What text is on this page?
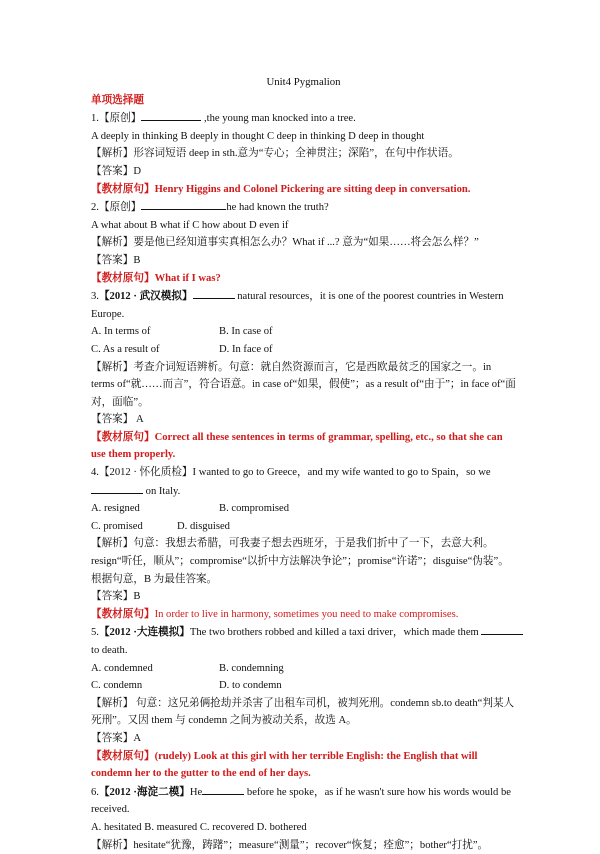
Unit4 Pygmalion
单项选择题
1.【原创】	,the young man knocked into a tree.
A deeply in thinking B deeply in thought C deep in thinking D deep in thought
【解析】形容词短语 deep in sth.意为“专心；全神贯注；深陷”，在句中作状语。
【答案】D
【教材原句】Henry Higgins and Colonel Pickering are sitting deep in conversation.
2.【原创】	he had known the truth?
A what about B what if C how about D even if
【解析】要是他已经知道事实真相怎么办？What if ...? 意为“如果……将会怎么样？”
【答案】B
【教材原句】What if I was?
3.【2012 · 武汉模拟】	natural resources，it is one of the poorest countries in Western
Europe.
A. In terms of	B. In case of
C. As a result of	D. In face of
【解析】考查介词短语辨析。句意：就自然资源而言，它是西欧最贫乏的国家之一。in terms of“就……而言”，符合语意。in case of“如果，假使”；as a result of“由于”；in face of“面对，面临”。
【答案】 A
【教材原句】Correct all these sentences in terms of grammar, spelling, etc., so that she can use them properly.
4.【2012 · 怀化质检】I wanted to go to Greece，and my wife wanted to go to Spain，so we
on Italy.
A. resigned	B. compromised
C. promised	D. disguised
【解析】句意：我想去希腊，可我妻子想去西班牙，于是我们折中了一下，去意大利。resign“听任，顺从”；compromise“以折中方法解决争论”；promise“许诺”；disguise“伪装”。根据句意，B 为最佳答案。
【答案】B
【教材原句】In order to live in harmony, sometimes you need to make compromises.
5.【2012 ·大连模拟】The two brothers robbed and killed a taxi driver，which made them
to death.
A. condemned	B. condemning
C. condemn	D. to condemn
【解析】 句意：这兄弟俩抢劫并杀害了出租车司机，被判死刑。condemn sb.to death“判某人死刑”。又因 them 与 condemn 之间为被动关系，故选 A。
【答案】A
【教材原句】(rudely) Look at this girl with her terrible English: the English that will condemn her to the gutter to the end of her days.
6.【2012 ·海淀二模】He	before he spoke，as if he wasn't sure how his words would be
received.
A. hesitated B. measured C. recovered D. bothered
【解析】hesitate“犹豫，踌躇”；measure“测量”；recover“恢复；痊愈”；bother“打扰”。
